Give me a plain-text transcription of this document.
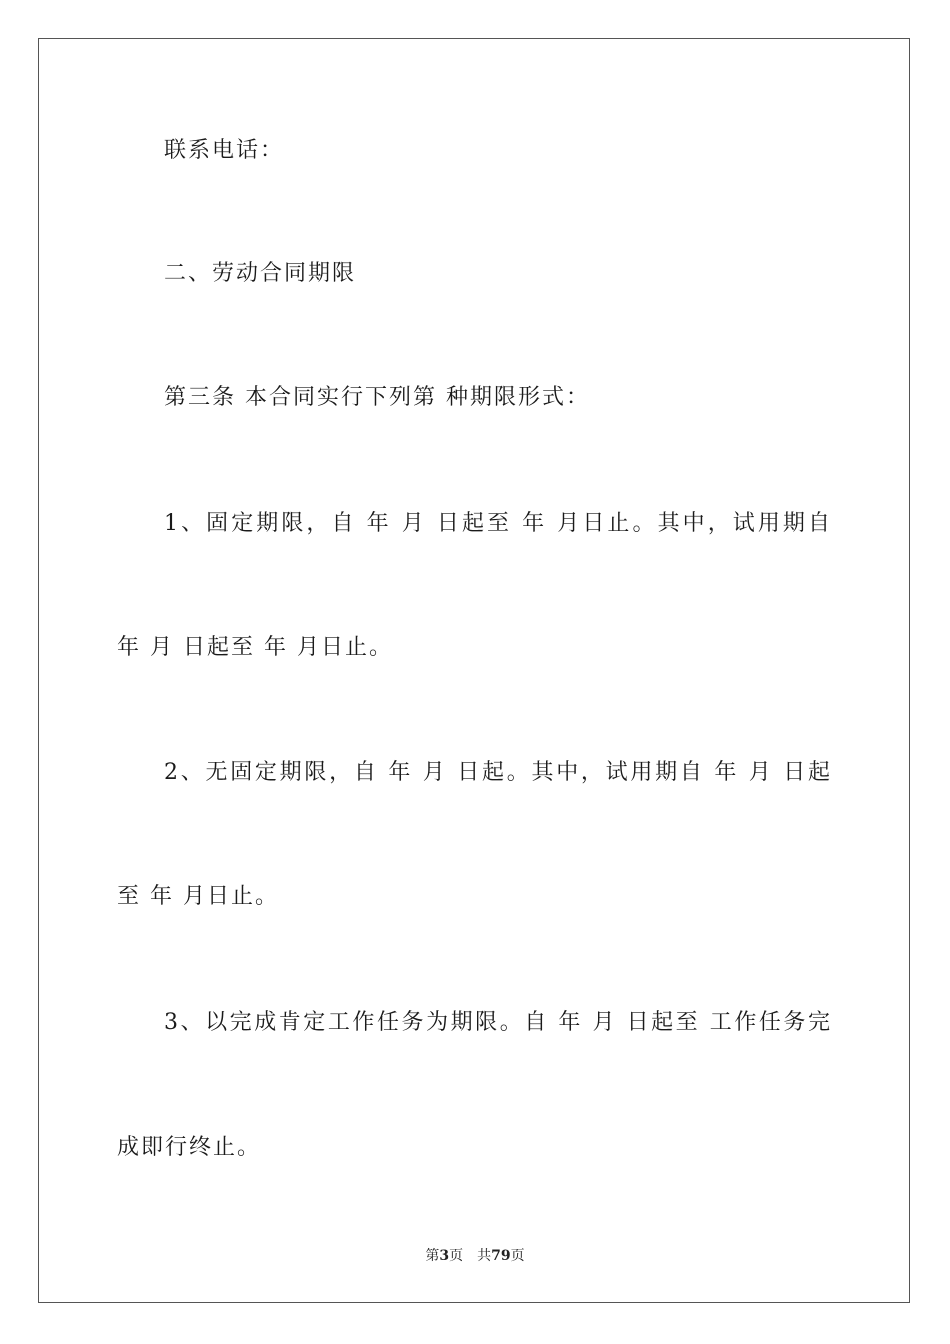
联系电话：
二、劳动合同期限
第三条 本合同实行下列第 种期限形式：
1、固定期限，自 年 月 日起至 年 月日止。其中，试用期自
年 月 日起至 年 月日止。
2、无固定期限，自 年 月 日起。其中，试用期自 年 月 日起
至 年 月日止。
3、以完成肯定工作任务为期限。自 年 月 日起至 工作任务完
成即行终止。
第3页 共79页
